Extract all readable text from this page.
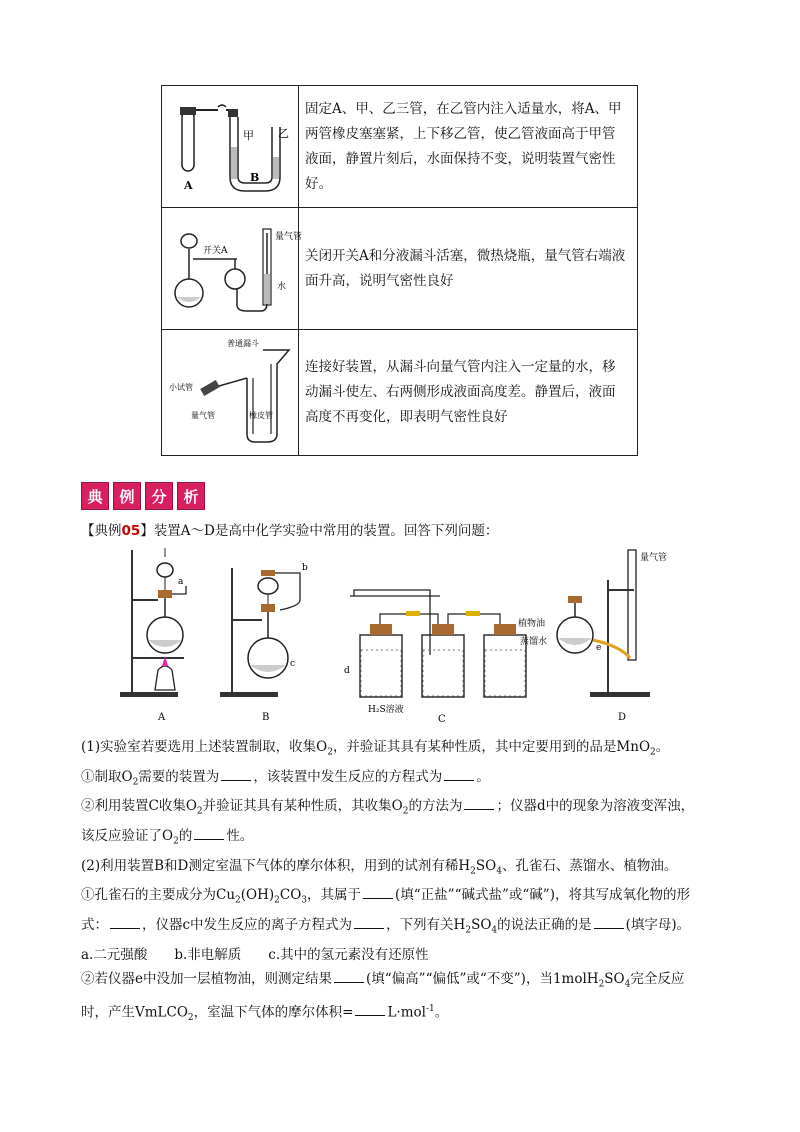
A
甲
B
乙	固定A、甲、乙三管，在乙管内注入适量水，将A、甲两管橡皮塞塞紧，上下移乙管，使乙管液面高于甲管液面，静置片刻后，水面保持不变，说明装置气密性好。

开关A
量气管
水	关闭开关A和分液漏斗活塞，微热烧瓶，量气管右端液面升高，说明气密性良好

普通漏斗
小试管
量气管 橡皮管	连接好装置，从漏斗向量气管内注入一定量的水，移动漏斗使左、右两侧形成液面高度差。静置后，液面高度不再变化，即表明气密性良好
典	例	分	析
【典例05】装置A～D是高中化学实验中常用的装置。回答下列问题：
a
A
b
c
B
d
H₂S溶液
C
量气管
植物油
蒸馏水
e
D

(1)实验室若要选用上述装置制取，收集$O_2$，并验证其具有某种性质，其中定要用到的品是MnO$_2$。

①制取$O_2$需要的装置为	，该装置中发生反应的方程式为	。

②利用装置C收集$O_2$并验证其具有某种性质，其收集$O_2$的方法为	；仪器d中的现象为溶液变浑浊，

该反应验证了$O_2$的	性。

(2)利用装置B和D测定室温下气体的摩尔体积，用到的试剂有稀$H_2SO_4$、孔雀石、蒸馏水、植物油。

①孔雀石的主要成分为$Cu_2(OH)_2CO_3$，其属于	(填“正盐”“碱式盐”或“碱”)，将其写成氧化物的形

式：	，仪器c中发生反应的离子方程式为	，下列有关$H_2SO_4$的说法正确的是	(填字母)。

a.二元强酸　　b.非电解质　　c.其中的氢元素没有还原性

②若仪器e中没加一层植物油，则测定结果	(填“偏高”“偏低”或“不变”)，当$1molH_2SO_4$完全反应

时，产生VmLCO$_2$，室温下气体的摩尔体积=	L·mol$^{-1}$。
